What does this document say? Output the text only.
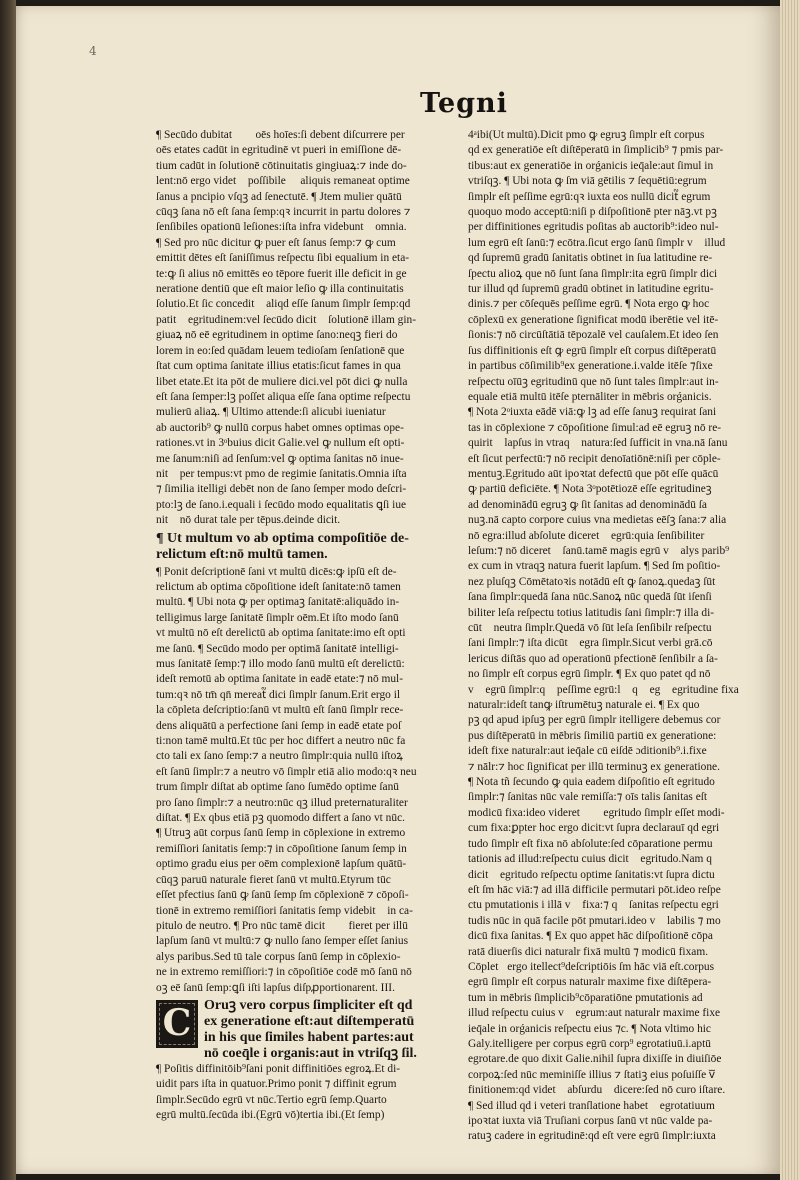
4
Tegni
¶ Secūdo dubitat᷑ ꝙ oēs hoīes:ſi debent diſcurrere per
oēs etates cadūt in egritudinē vt pueri in emiſſione dē-
tium cadūt in ſolutionē cōtinuitatis gingiuaꝝ:⁊ inde do-
lent:nō ergo videt᷑ poſſibile ꝙ aliquis remaneat optime
ſanus a pncipio vſqꝫ ad ſenectutē. ¶ Jtem mulier quātū
cūqꝫ ſana nō eſt ſana ſemp:qꝛ incurrit in partu dolores ⁊
ſenſibiles opationū leſiones:iſta infra videbunt᷑ omnia.
¶ Sed pro nūc dicitur ꝙ puer eſt ſanus ſemp:⁊ ꝙ cum
emittit dētes eſt ſaniſſimus reſpectu ſibi equalium in eta-
te:ꝙ ſi alius nō emittēs eo tēpore fuerit ille deficit in ge
neratione dentiū que eſt maior leſio ꝙ illa continuitatis
ſolutio.Et ſic concedit᷑ aliqd eſſe ſanum ſimplr ſemp:qd
patit᷑ egritudinem:vel ſecūdo dicit᷑ ſolutionē illam gin-
giuaꝝ nō eē egritudinem in optime ſano:neqꝫ fieri do
lorem in eo:ſed quādam leuem tedioſam ſenſationē que
ſtat cum optima ſanitate illius etatis:ſicut fames in qua
libet etate.Et ita pōt de muliere dici.vel pōt dici ꝙ nulla
eſt ſana ſemper:lꝫ poſſet aliqua eſſe ſana optime reſpectu
mulierū aliaꝝ. ¶ Ultimo attende:ſi alicubi iueniatur
ab auctorib⁹ ꝙ nullū corpus habet omnes optimas ope-
rationes.vt in 3ᵒbuius dicit Galie.vel ꝙ nullum eſt opti-
me ſanum:niſi ad ſenſum:vel ꝙ optima ſanitas nō inue-
nit᷑ per tempus:vt pmo de regimie ſanitatis.Omnia iſta
⁊ ſimilia itelligi debēt non de ſano ſemper modo deſcri-
pto:lꝫ de ſano.i.equali i ſecūdo modo equalitatis ꝗſi iue
nit᷑ nō durat tale per tēpus.deinde dicit.
¶ Ut multum vo ab optima compoſitiōe de-
relictum eſt:nō multū tamen.
¶ Ponit deſcriptionē ſani vt multū dicēs:ꝙ ipſū eſt de-
relictum ab optima cōpoſitione ideſt ſanitate:nō tamen
multū. ¶ Ubi nota ꝙ per optimaꝫ ſanitatē:aliquādo in-
telligimus large ſanitatē ſimplr oēm.Et iſto modo ſanū
vt multū nō eſt derelictū ab optima ſanitate:imo eſt opti
me ſanū. ¶ Secūdo modo per optimā ſanitatē intelligi-
mus ſanitatē ſemp:⁊ illo modo ſanū multū eſt derelictū:
ideſt remotū ab optima ſanitate in eadē etate:⁊ nō mul-
tum:qꝛ nō tm̄ qn̄ mereat᷑ dici ſimplr ſanum.Erit ergo il
la cōpleta deſcriptio:ſanū vt multū eſt ſanū ſimplr rece-
dens aliquātū a perfectione ſani ſemp in eadē etate poſ
ti:non tamē multū.Et tūc per hoc differt a neutro nūc fa
cto tali ex ſano ſemp:⁊ a neutro ſimplr:quia nullū iſtoꝝ
eſt ſanū ſimplr:⁊ a neutro vō ſimplr etiā alio modo:qꝛ neu
trum ſimplr diſtat ab optime ſano ſumēdo optime ſanū
pro ſano ſimplr:⁊ a neutro:nūc qꝫ illud preternaturaliter
diſtat. ¶ Ex qbus etiā pꝫ quomodo differt a ſano vt nūc.
¶ Utruꝫ aūt corpus ſanū ſemp in cōplexione in extremo
remiſſiori ſanitatis ſemp:⁊ in cōpoſitione ſanum ſemp in
optimo gradu eius per oēm complexionē lapſum quātū-
cūqꝫ paruū naturale fieret ſanū vt multū.Etyrum tūc
eſſet pfectius ſanū ꝙ ſanū ſemp ſm cōplexionē ⁊ cōpoſi-
tionē in extremo remiſſiori ſanitatis ſemp videbit᷑ in ca-
pitulo de neutro. ¶ Pro nūc tamē dicit᷑ ꝙ fieret per illū
lapſum ſanū vt multū:⁊ ꝙ nullo ſano ſemper eſſet ſanius
alys paribus.Sed tū tale corpus ſanū ſemp in cōplexio-
ne in extremo remiſſiori:⁊ in cōpoſitiōe codē mō ſanū nō
oꝫ eē ſanū ſemp:ꝗſi iſti lapſus diſpꝓportionarent. III.
C Oruꝫ vero corpus ſimpliciter eſt qd
ex generatione eſt:aut diſtemperatū
in his que ſimiles habent partes:aut
nō coeq̄le i organis:aut in vtriſqꝫ ſil.
¶ Poſitis diffinitōib⁹ſani ponit diffinitiōes egroꝝ.Et di-
uidit pars iſta in quatuor.Primo ponit ⁊ diffinit egrum
ſimplr.Secūdo egrū vt nūc.Tertio egrū ſemp.Quarto
egrū multū.ſecūda ibi.(Egrū vō)tertia ibi.(Et ſemp)
4ᵃibi(Ut multū).Dicit pmo ꝙ egruꝫ ſimplr eſt corpus
qd ex generatiōe eſt diſtēperatū in ſimplicib⁹ ⁊ pmis par-
tibus:aut ex generatiōe in orǵanicis ieq̄ale:aut ſimul in
vtriſqꝫ. ¶ Ubi nota ꝙ ſm viā gētilis ⁊ ſequētiū:egrum
ſimplr eſt peſſime egrū:qꝛ iuxta eos nullū dicit᷑ egrum
quoquo modo acceptū:niſi p diſpoſitionē pter nāꝫ.vt pꝫ
per diffinitiones egritudis poſitas ab auctorib⁹:ideo nul-
lum egrū eſt ſanū:⁊ ecōtra.ſicut ergo ſanū ſimplr vᷓ illud
qd ſupremū gradū ſanitatis obtinet in ſua latitudine re-
ſpectu alioꝝ que nō ſunt ſana ſimplr:ita egrū ſimplr dici
tur illud qd ſupremū gradū obtinet in latitudine egritu-
dinis.⁊ per cōſequēs peſſime egrū. ¶ Nota ergo ꝙ hoc
cōplexū ex generatione ſignificat modū iberētie vel itē-
ſionis:⁊ nō circūſtātiā tēpozalē vel cauſalem.Et ideo ſen
ſus diffinitionis eſt ꝙ egrū ſimplr eſt corpus diſtēperatū
in partibus cōſimilib⁹ex generatione.i.valde itēſe ⁊ſixe
reſpectu oīūꝫ egritudinū que nō ſunt tales ſimplr:aut in-
equale etiā multū itēſe pternāliter in mēbris orǵanicis.
¶ Nota 2ᵒiuxta eādē viā:ꝙ lꝫ ad eſſe ſanuꝫ requirat ſani
tas in cōplexione ⁊ cōpoſitione ſimul:ad eē egruꝫ nō re-
quirit᷑ lapſus in vtraqꝫ natura:ſed ſufficit in vna.nā ſanuꝫ
eſt ſicut perfectū:⁊ nō recipit denoīatiōnē:niſi per cōple-
mentuꝫ.Egritudo aūt ipoꝛtat defectū que pōt eſſe quācū
ꝙ partiū deficiēte. ¶ Nota 3ᵒpotētiozē eſſe egritudineꝫ
ad denominādū egruꝫ ꝙ ſit ſanitas ad denominādū ſa
nuꝫ.nā capto corpore cuius vna medietas eēſꝫ ſana:⁊ alia
nō egra:illud abſolute diceret᷑ egrū:quia ſenſibiliter
leſum:⁊ nō diceret᷑ ſanū.tamē magis egrū vᷓ alys parib⁹
ex cum in vtraqꝫ natura fuerit lapſum. ¶ Sed ſm poſitio-
nez pluſqꝫ Cōmētatoꝛis notādū eſt ꝙ ſanoꝝ.quedaꝫ ſūt
ſana ſimplr:quedā ſana nūc.Sanoꝝ nūc quedā ſūt iſenſi
biliter leſa reſpectu totius latitudis ſani ſimplr:⁊ illa di-
cūt᷑ neutra ſimplr.Quedā vō ſūt leſa ſenſibilr reſpectu
ſani ſimplr:⁊ iſta dicūt᷑ egra ſimplr.Sicut verbi grā.cō
lericus diſtās quo ad operationū pfectionē ſenſibilr a ſa-
no ſimplr eſt corpus egrū ſimplr. ¶ Ex quo patet qd nō
vᷓ egrū ſimplr:qꝛ peſſime egrū:lꝫ qꝛ egꝫ egritudine fixa
naturalr:ideſt tanꝙ iſtrumētuꝫ naturale ei. ¶ Ex quo
pꝫ qd apud ipſuꝫ per egrū ſimplr itelligere debemus cor
pus diſtēperatū in mēbris ſimiliū partiū ex generatione:
ideſt fixe naturalr:aut ieq̄ale cū eiſdē ɔditionib⁹.i.fixe
⁊ nālr:⁊ hoc ſignificat per illū terminuꝫ ex generatione.
¶ Nota tñ ſecundo ꝙ quia eadem diſpoſitio eſt egritudo
ſimplr:⁊ ſanitas nūc vale remiſſa:⁊ oīs talis ſanitas eſt
modicū fixa:ideo videret᷑ ꝙ egritudo ſimplr eſſet modi-
cum fixa:ꝑpter hoc ergo dicit:vt ſupra declarauī qd egri
tudo ſimplr eſt fixa nō abſolute:ſed cōparatione permu
tationis ad illud:reſpectu cuius dicit᷑ egritudo.Nam qꝛ
dicit᷑ egritudo reſpectu optime ſanitatis:vt ſupra dictuꝫ
eſt ſm hāc viā:⁊ ad illā difficile permutari pōt.ideo reſpe
ctu pmutationis i illā vᷓ fixa:⁊ qꝛ ſanitas reſpectu egri
tudis nūc in quā facile pōt pmutari.ideo vᷓ labilis ⁊ mo
dicū fixa ſanitas. ¶ Ex quo appet hāc diſpoſitionē cōpa
ratā diuerſis dici naturalr fixā multū ⁊ modicū fixam.
Cōplet᷑ergo itellect⁹deſcriptiōis ſm hāc viā eſt.corpus
egrū ſimplr eſt corpus naturalr maxime fixe diſtēpera-
tum in mēbris ſimplicib⁹cōparatiōne pmutationis ad
illud reſpectu cuius vᷓ egrum:aut naturalr maxime fixe
ieq̄ale in orǵanicis reſpectu eius ⁊c. ¶ Nota vltimo hic
Galy.itelligere per corpus egrū corp⁹ egrotatiuū.i.aptū
egrotare.de quo dixit Galie.nihil ſupra dixiſſe in diuiſiōe
corpoꝝ:ſed nūc meminiſſe illius ⁊ ſtatiꝫ eius poſuiſſe vᷓ
finitionem:qd videt᷑ abſurduꝫ dicere:ſed nō curo iſtare.
¶ Sed illud qd i veteri tranſlatione habet᷑ egrotatiuum
ipoꝛtat iuxta viā Truſiani corpus ſanū vt nūc valde pa-
ratuꝫ cadere in egritudinē:qd eſt vere egrū ſimplr:iuxta
